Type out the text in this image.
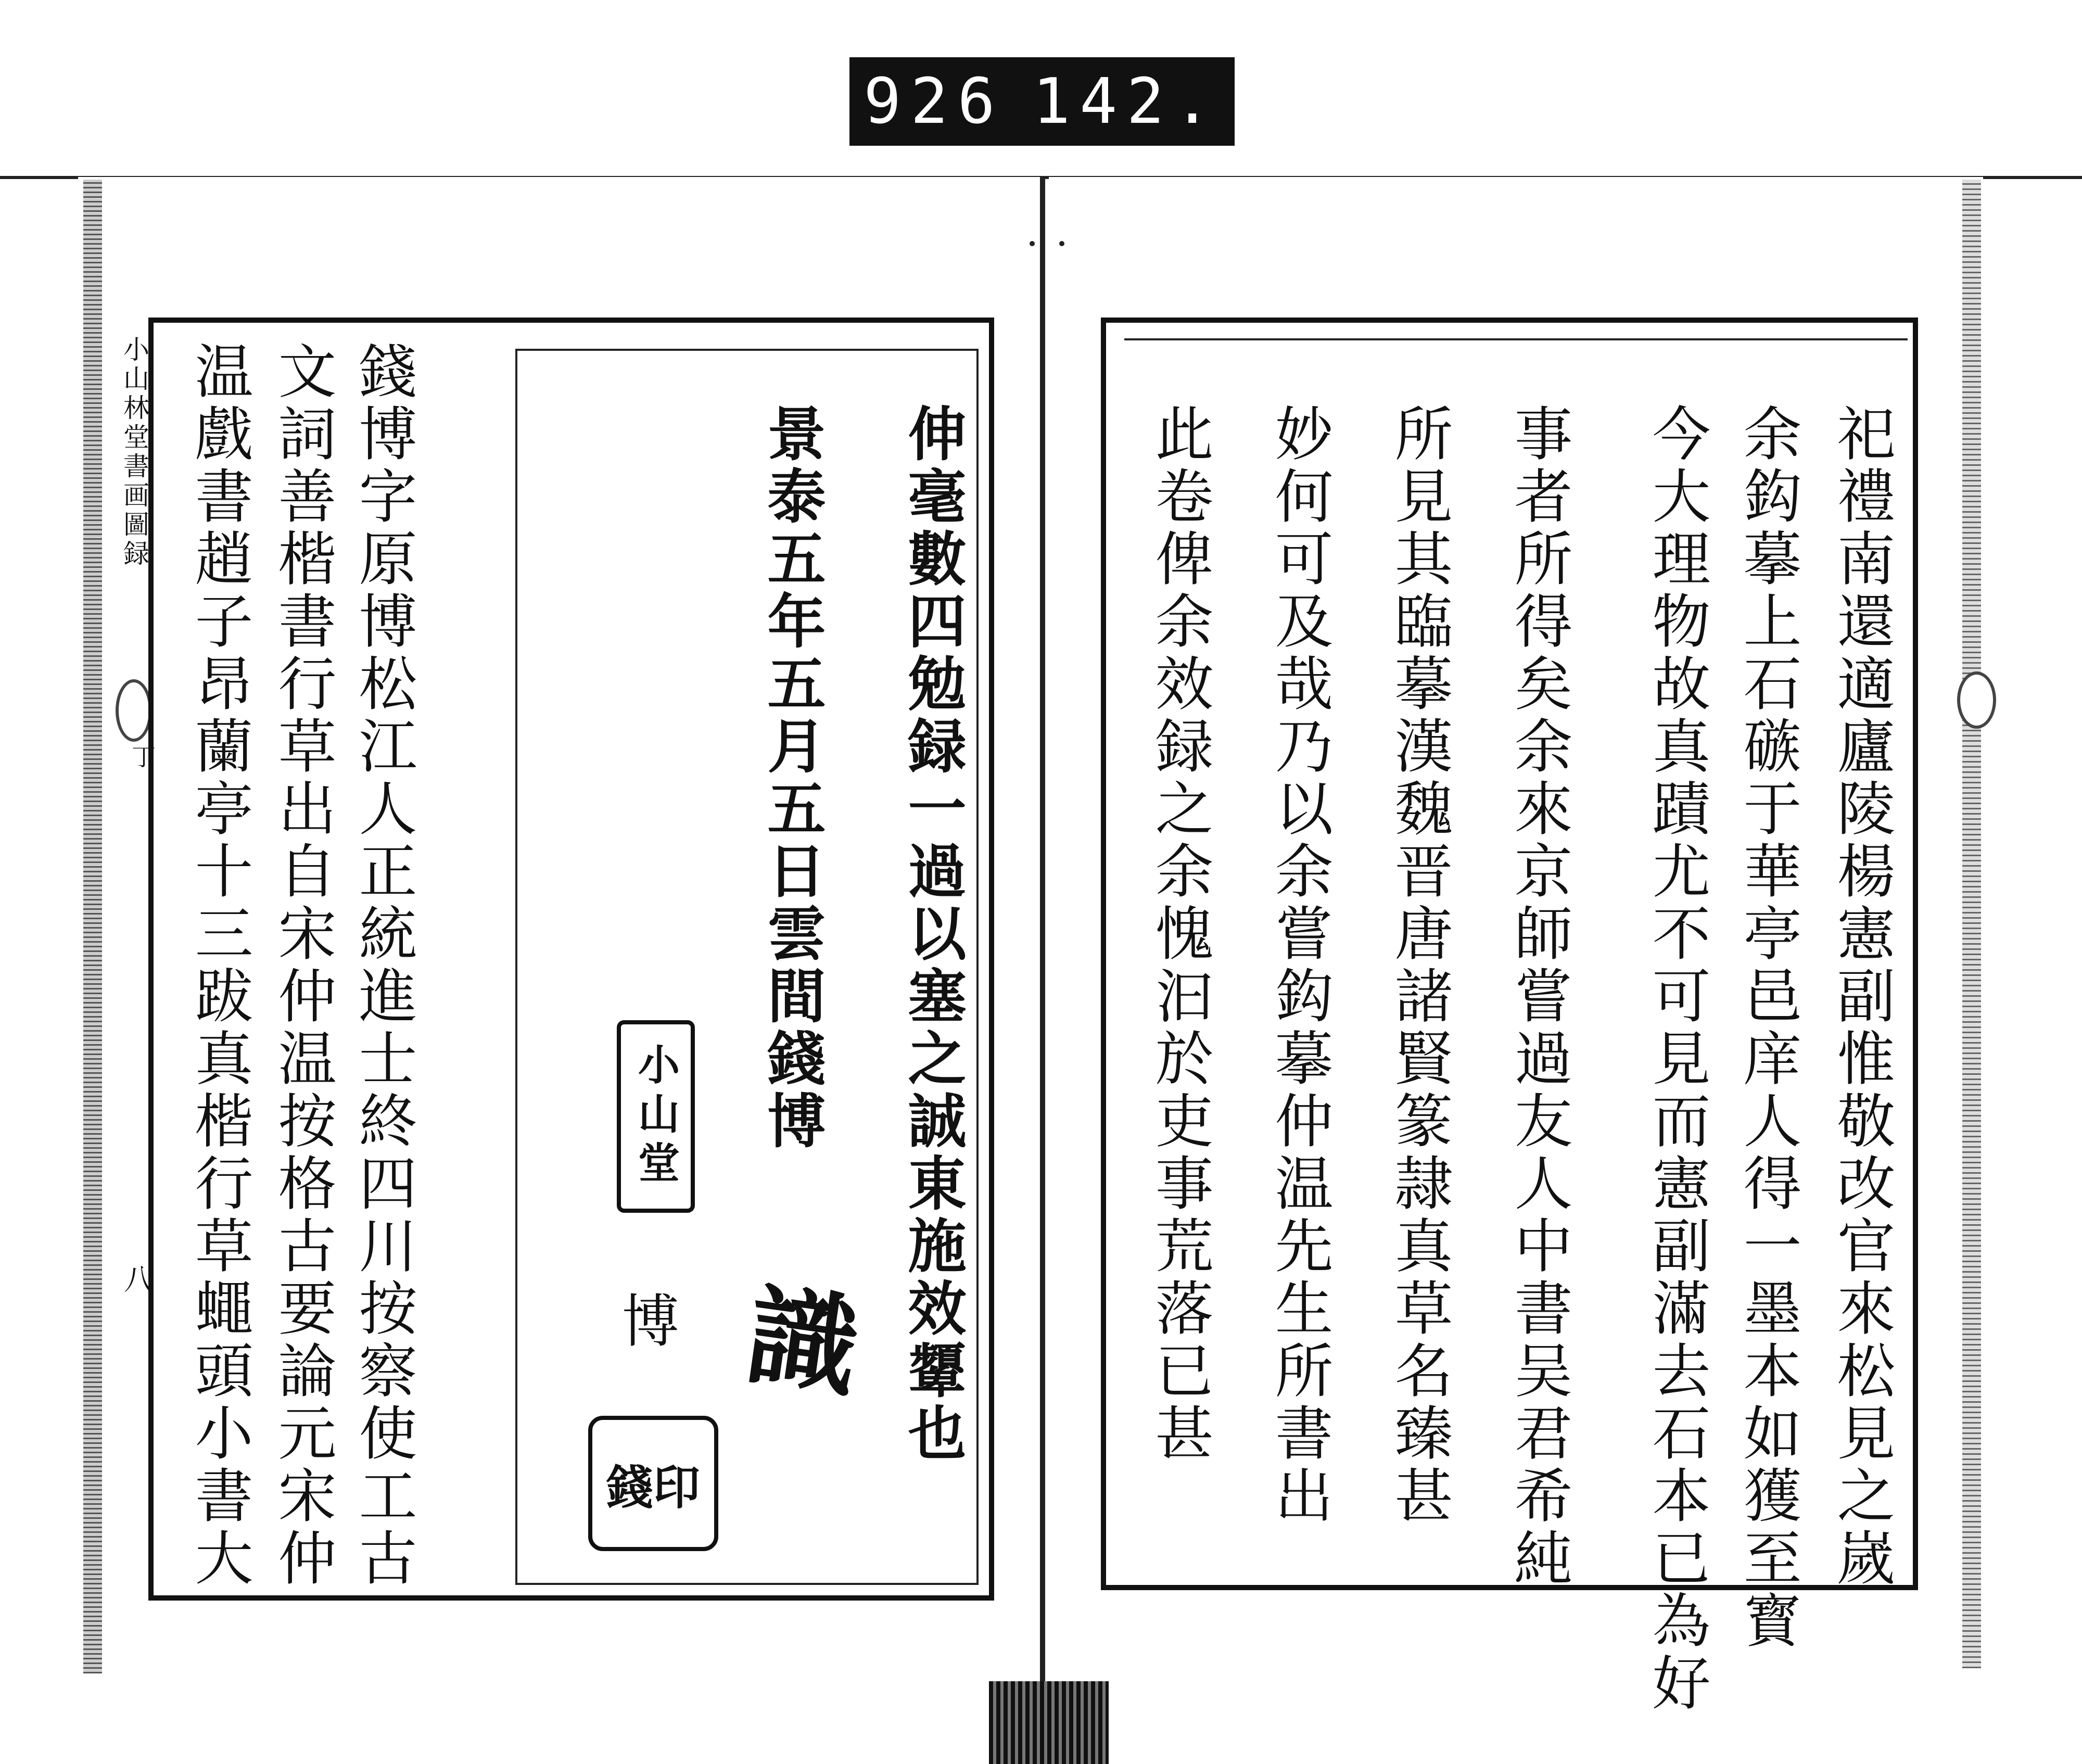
926 142.
小山林堂書画圖録
丁
八	伸毫數四勉録一過以塞之誠東施效顰也
景泰五年五月五日雲間錢博
錢博字原博松江人正統進士終四川按察使工古
文詞善楷書行草出自宋仲温按格古要論元宋仲
温戲書趙子昂蘭亭十三跋真楷行草蠅頭小書大	小山堂
博
錢印
識	祀禮南還適廬陵楊憲副惟敬改官來松見之嵗
余鈎摹上石䃚于華亭邑庠人得一墨本如獲至寳
今大理物故真蹟尤不可見而憲副滿去石本已為好
事者所得矣余來京師嘗過友人中書吴君希純
所見其臨摹漢魏晋唐諸賢篆隷真草名臻甚
妙何可及哉乃以余嘗鈎摹仲温先生所書出
此卷俾余效録之余愧汩於吏事荒落已甚
